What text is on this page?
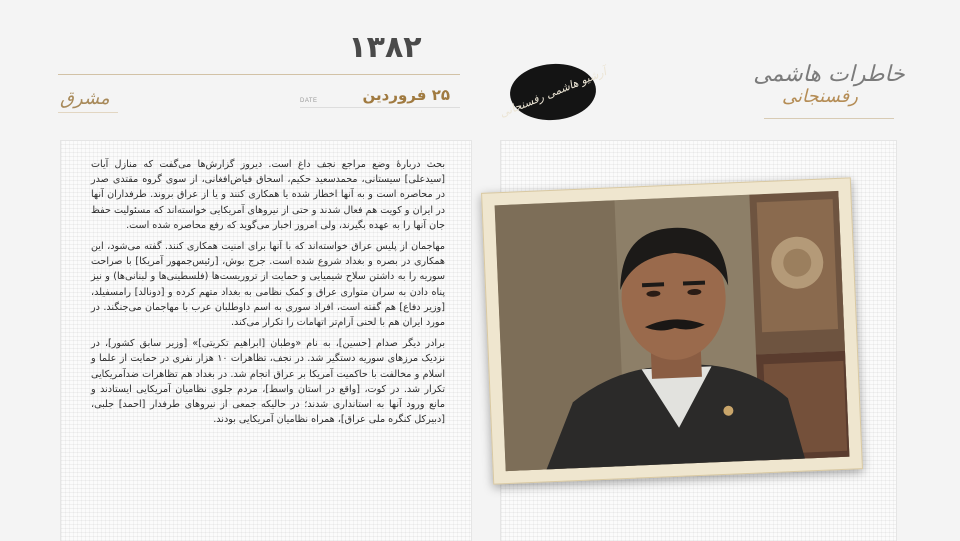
۱۳۸۲
۲۵ فروردین
DATE
مشرق	آرشیو هاشمی رفسنجانی	خاطرات هاشمی
رفسنجانی

بحث دربارۀ وضع مراجع نجف داغ است. دیروز گزارش‌ها می‌گفت که منازل آیات [سیدعلی] سیستانی، محمدسعید حکیم، اسحاق فیاض‌افغانی، از سوی گروه مقتدی صدر در محاصره است و به آنها اخطار شده یا همکاری کنند و یا از عراق بروند. طرفداران آنها در ایران و کویت هم فعال شدند و حتی از نیروهای آمریکایی خواسته‌اند که مسئولیت حفظ جان آنها را به عهده بگیرند، ولی امروز اخبار می‌گوید که رفع محاصره شده است.

مهاجمان از پلیس عراق خواسته‌اند که با آنها برای امنیت همکاری کنند. گفته می‌شود، این همکاری در بصره و بغداد شروع شده است. جرج بوش، [رئیس‌جمهور آمریکا] با صراحت سوریه را به داشتن سلاح شیمیایی و حمایت از تروریست‌ها (فلسطینی‌ها و لبنانی‌ها) و نیز پناه دادن به سران متواری عراق و کمک نظامی به بغداد متهم کرده و [دونالد] رامسفیلد، [وزیر دفاع] هم گفته است، افراد سوری به اسم داوطلبان عرب با مهاجمان می‌جنگند. در مورد ایران هم با لحنی آرام‌تر اتهامات را تکرار می‌کند.

برادر دیگر صدام [حسین]، به نام «وطبان [ابراهیم تکریتی]» [وزیر سابق کشور]، در نزدیک مرزهای سوریه دستگیر شد. در نجف، تظاهرات ۱۰ هزار نفری در حمایت از علما و اسلام و مخالفت با حاکمیت آمریکا بر عراق انجام شد. در بغداد هم تظاهرات ضدآمریکایی تکرار شد. در کوت، [واقع در استان واسط]، مردم جلوی نظامیان آمریکایی ایستادند و مانع ورود آنها به استانداری شدند؛ در حالیکه جمعی از نیروهای طرفدار [احمد] جلبی، [دبیرکل کنگره ملی عراق]، همراه نظامیان آمریکایی بودند.
